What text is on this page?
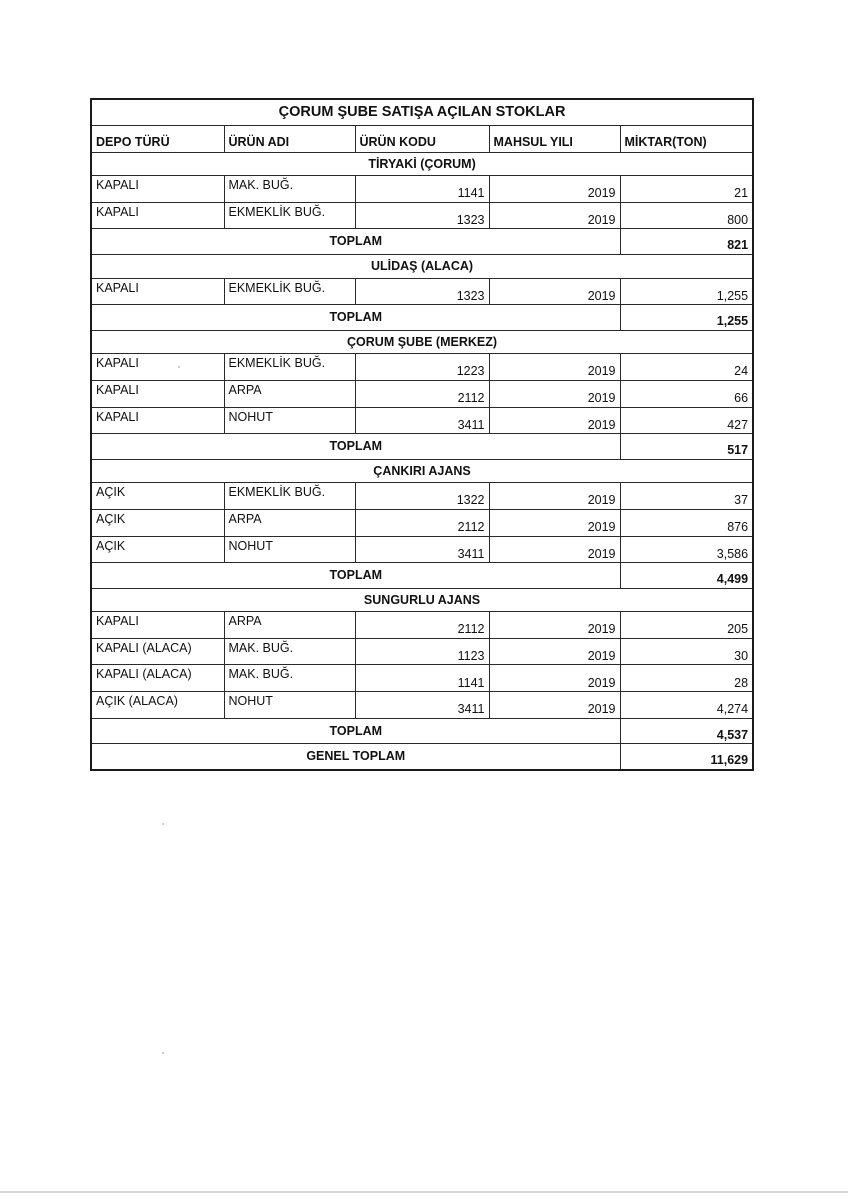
ÇORUM ŞUBE SATIŞA AÇILAN STOKLAR				
DEPO TÜRÜ	ÜRÜN ADI	ÜRÜN KODU	MAHSUL YILI	MİKTAR(TON)
TİRYAKİ (ÇORUM)				
KAPALI	MAK. BUĞ.	1141	2019	21
KAPALI	EKMEKLİK BUĞ.	1323	2019	800
TOPLAM				821
ULİDAŞ (ALACA)				
KAPALI	EKMEKLİK BUĞ.	1323	2019	1,255
TOPLAM				1,255
ÇORUM ŞUBE (MERKEZ)				
KAPALI	EKMEKLİK BUĞ.	1223	2019	24
KAPALI	ARPA	2112	2019	66
KAPALI	NOHUT	3411	2019	427
TOPLAM				517
ÇANKIRI AJANS				
AÇIK	EKMEKLİK BUĞ.	1322	2019	37
AÇIK	ARPA	2112	2019	876
AÇIK	NOHUT	3411	2019	3,586
TOPLAM				4,499
SUNGURLU AJANS				
KAPALI	ARPA	2112	2019	205
KAPALI (ALACA)	MAK. BUĞ.	1123	2019	30
KAPALI (ALACA)	MAK. BUĞ.	1141	2019	28
AÇIK (ALACA)	NOHUT	3411	2019	4,274
TOPLAM				4,537
GENEL TOPLAM				11,629
